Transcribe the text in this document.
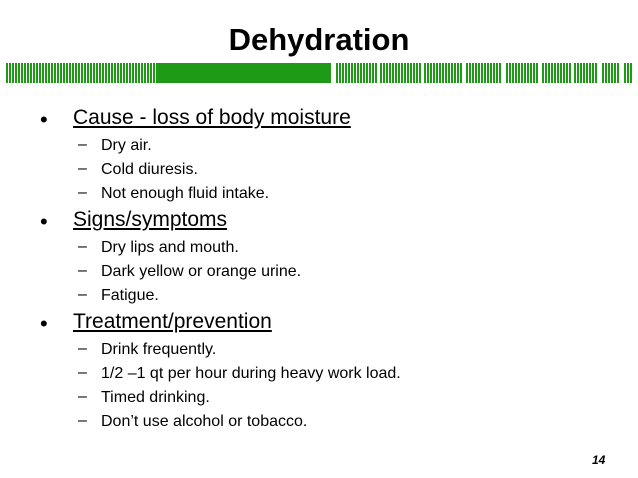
Dehydration
• Cause - loss of body moisture
– Dry air.
– Cold diuresis.
– Not enough fluid intake.
• Signs/symptoms
– Dry lips and mouth.
– Dark yellow or orange urine.
– Fatigue.
• Treatment/prevention
– Drink frequently.
– 1/2 –1 qt per hour during heavy work load.
– Timed drinking.
– Don’t use alcohol or tobacco.
14
